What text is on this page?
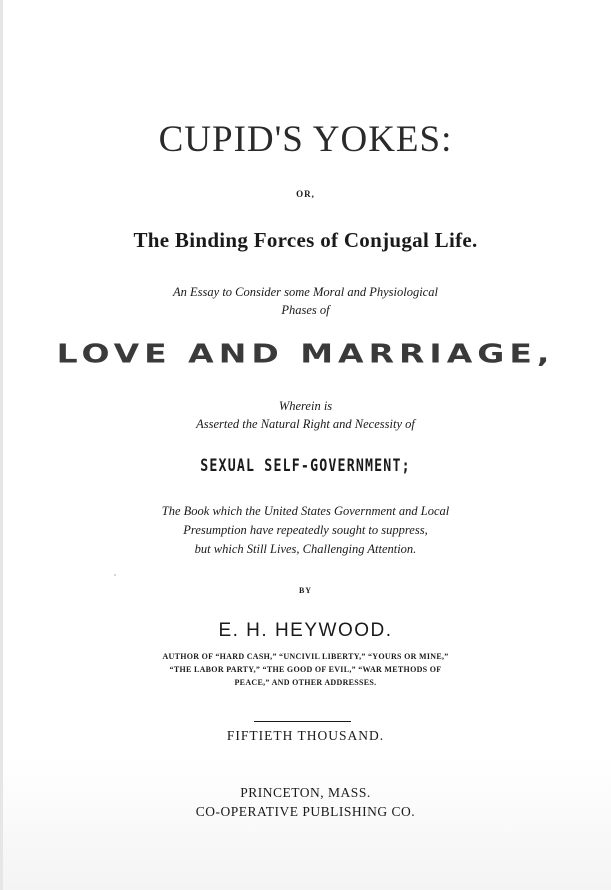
CUPID'S YOKES:
OR,
The Binding Forces of Conjugal Life.
An Essay to Consider some Moral and Physiological
Phases of
LOVE AND MARRIAGE,
Wherein is
Asserted the Natural Right and Necessity of
SEXUAL SELF-GOVERNMENT;
The Book which the United States Government and Local
Presumption have repeatedly sought to suppress,
but which Still Lives, Challenging Attention.
BY
E. H. HEYWOOD.
AUTHOR OF “HARD CASH,” “UNCIVIL LIBERTY,” “YOURS OR MINE,”
“THE LABOR PARTY,” “THE GOOD OF EVIL,” “WAR METHODS OF
PEACE,” AND OTHER ADDRESSES.
FIFTIETH THOUSAND.
PRINCETON, MASS.
CO-OPERATIVE PUBLISHING CO.
